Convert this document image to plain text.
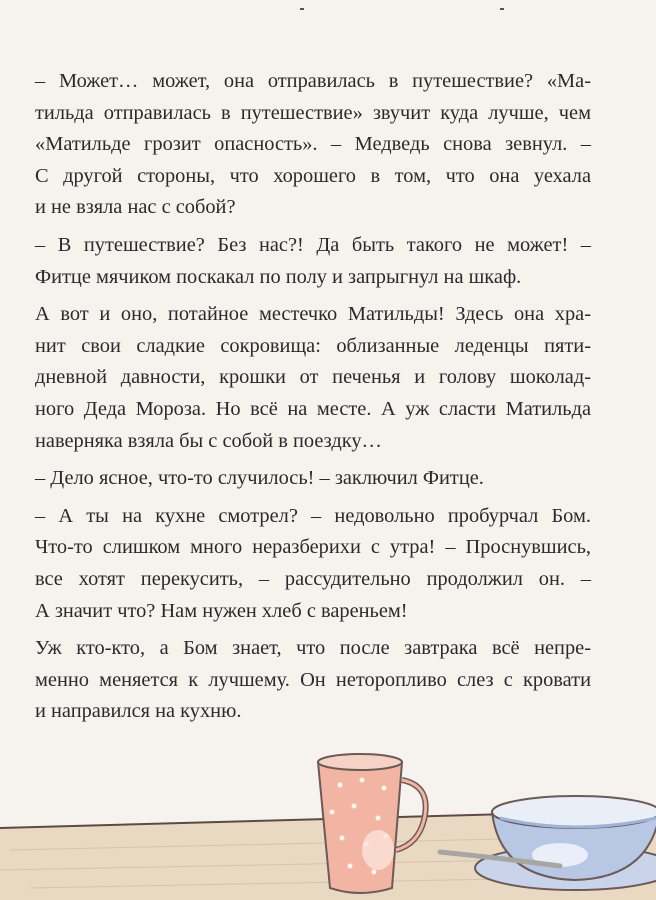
– Может… может, она отправилась в путешествие? «Ма-
тильда отправилась в путешествие» звучит куда лучше, чем
«Матильде грозит опасность». – Медведь снова зевнул. –
С другой стороны, что хорошего в том, что она уехала
и не взяла нас с собой?

– В путешествие? Без нас?! Да быть такого не может! –
Фитце мячиком поскакал по полу и запрыгнул на шкаф.

А вот и оно, потайное местечко Матильды! Здесь она хра-
нит свои сладкие сокровища: облизанные леденцы пяти-
дневной давности, крошки от печенья и голову шоколад-
ного Деда Мороза. Но всё на месте. А уж сласти Матильда
наверняка взяла бы с собой в поездку…

– Дело ясное, что-то случилось! – заключил Фитце.

– А ты на кухне смотрел? – недовольно пробурчал Бом.
Что-то слишком много неразберихи с утра! – Проснувшись,
все хотят перекусить, – рассудительно продолжил он. –
А значит что? Нам нужен хлеб с вареньем!

Уж кто-кто, а Бом знает, что после завтрака всё непре-
менно меняется к лучшему. Он неторопливо слез с кровати
и направился на кухню.
